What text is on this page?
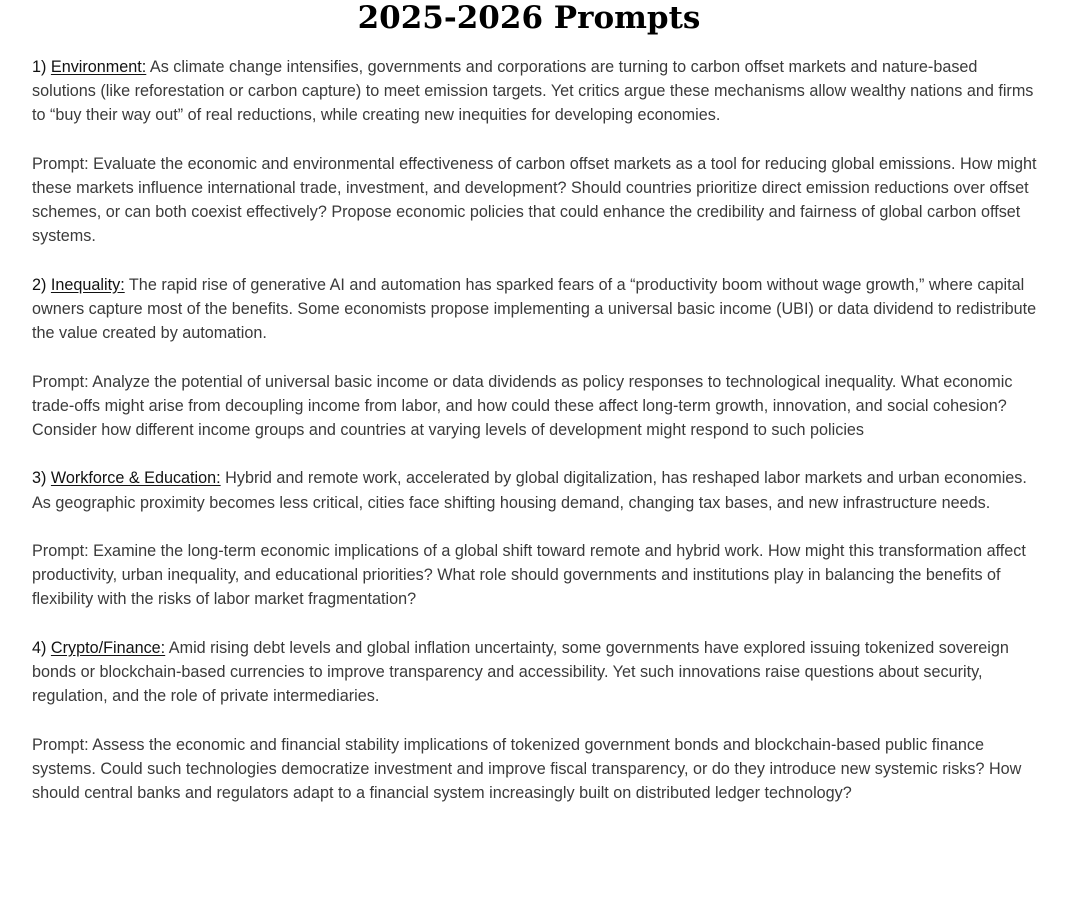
2025-2026 Prompts

1) Environment: As climate change intensifies, governments and corporations are turning to carbon offset markets and nature-based solutions (like reforestation or carbon capture) to meet emission targets. Yet critics argue these mechanisms allow wealthy nations and firms to “buy their way out” of real reductions, while creating new inequities for developing economies.

Prompt: Evaluate the economic and environmental effectiveness of carbon offset markets as a tool for reducing global emissions. How might these markets influence international trade, investment, and development? Should countries prioritize direct emission reductions over offset schemes, or can both coexist effectively? Propose economic policies that could enhance the credibility and fairness of global carbon offset systems.

2) Inequality: The rapid rise of generative AI and automation has sparked fears of a “productivity boom without wage growth,” where capital owners capture most of the benefits. Some economists propose implementing a universal basic income (UBI) or data dividend to redistribute the value created by automation.

Prompt: Analyze the potential of universal basic income or data dividends as policy responses to technological inequality. What economic trade-offs might arise from decoupling income from labor, and how could these affect long-term growth, innovation, and social cohesion? Consider how different income groups and countries at varying levels of development might respond to such policies

3) Workforce & Education: Hybrid and remote work, accelerated by global digitalization, has reshaped labor markets and urban economies. As geographic proximity becomes less critical, cities face shifting housing demand, changing tax bases, and new infrastructure needs.

Prompt: Examine the long-term economic implications of a global shift toward remote and hybrid work. How might this transformation affect productivity, urban inequality, and educational priorities? What role should governments and institutions play in balancing the benefits of flexibility with the risks of labor market fragmentation?

4) Crypto/Finance: Amid rising debt levels and global inflation uncertainty, some governments have explored issuing tokenized sovereign bonds or blockchain-based currencies to improve transparency and accessibility. Yet such innovations raise questions about security, regulation, and the role of private intermediaries.

Prompt: Assess the economic and financial stability implications of tokenized government bonds and blockchain-based public finance systems. Could such technologies democratize investment and improve fiscal transparency, or do they introduce new systemic risks? How should central banks and regulators adapt to a financial system increasingly built on distributed ledger technology?
